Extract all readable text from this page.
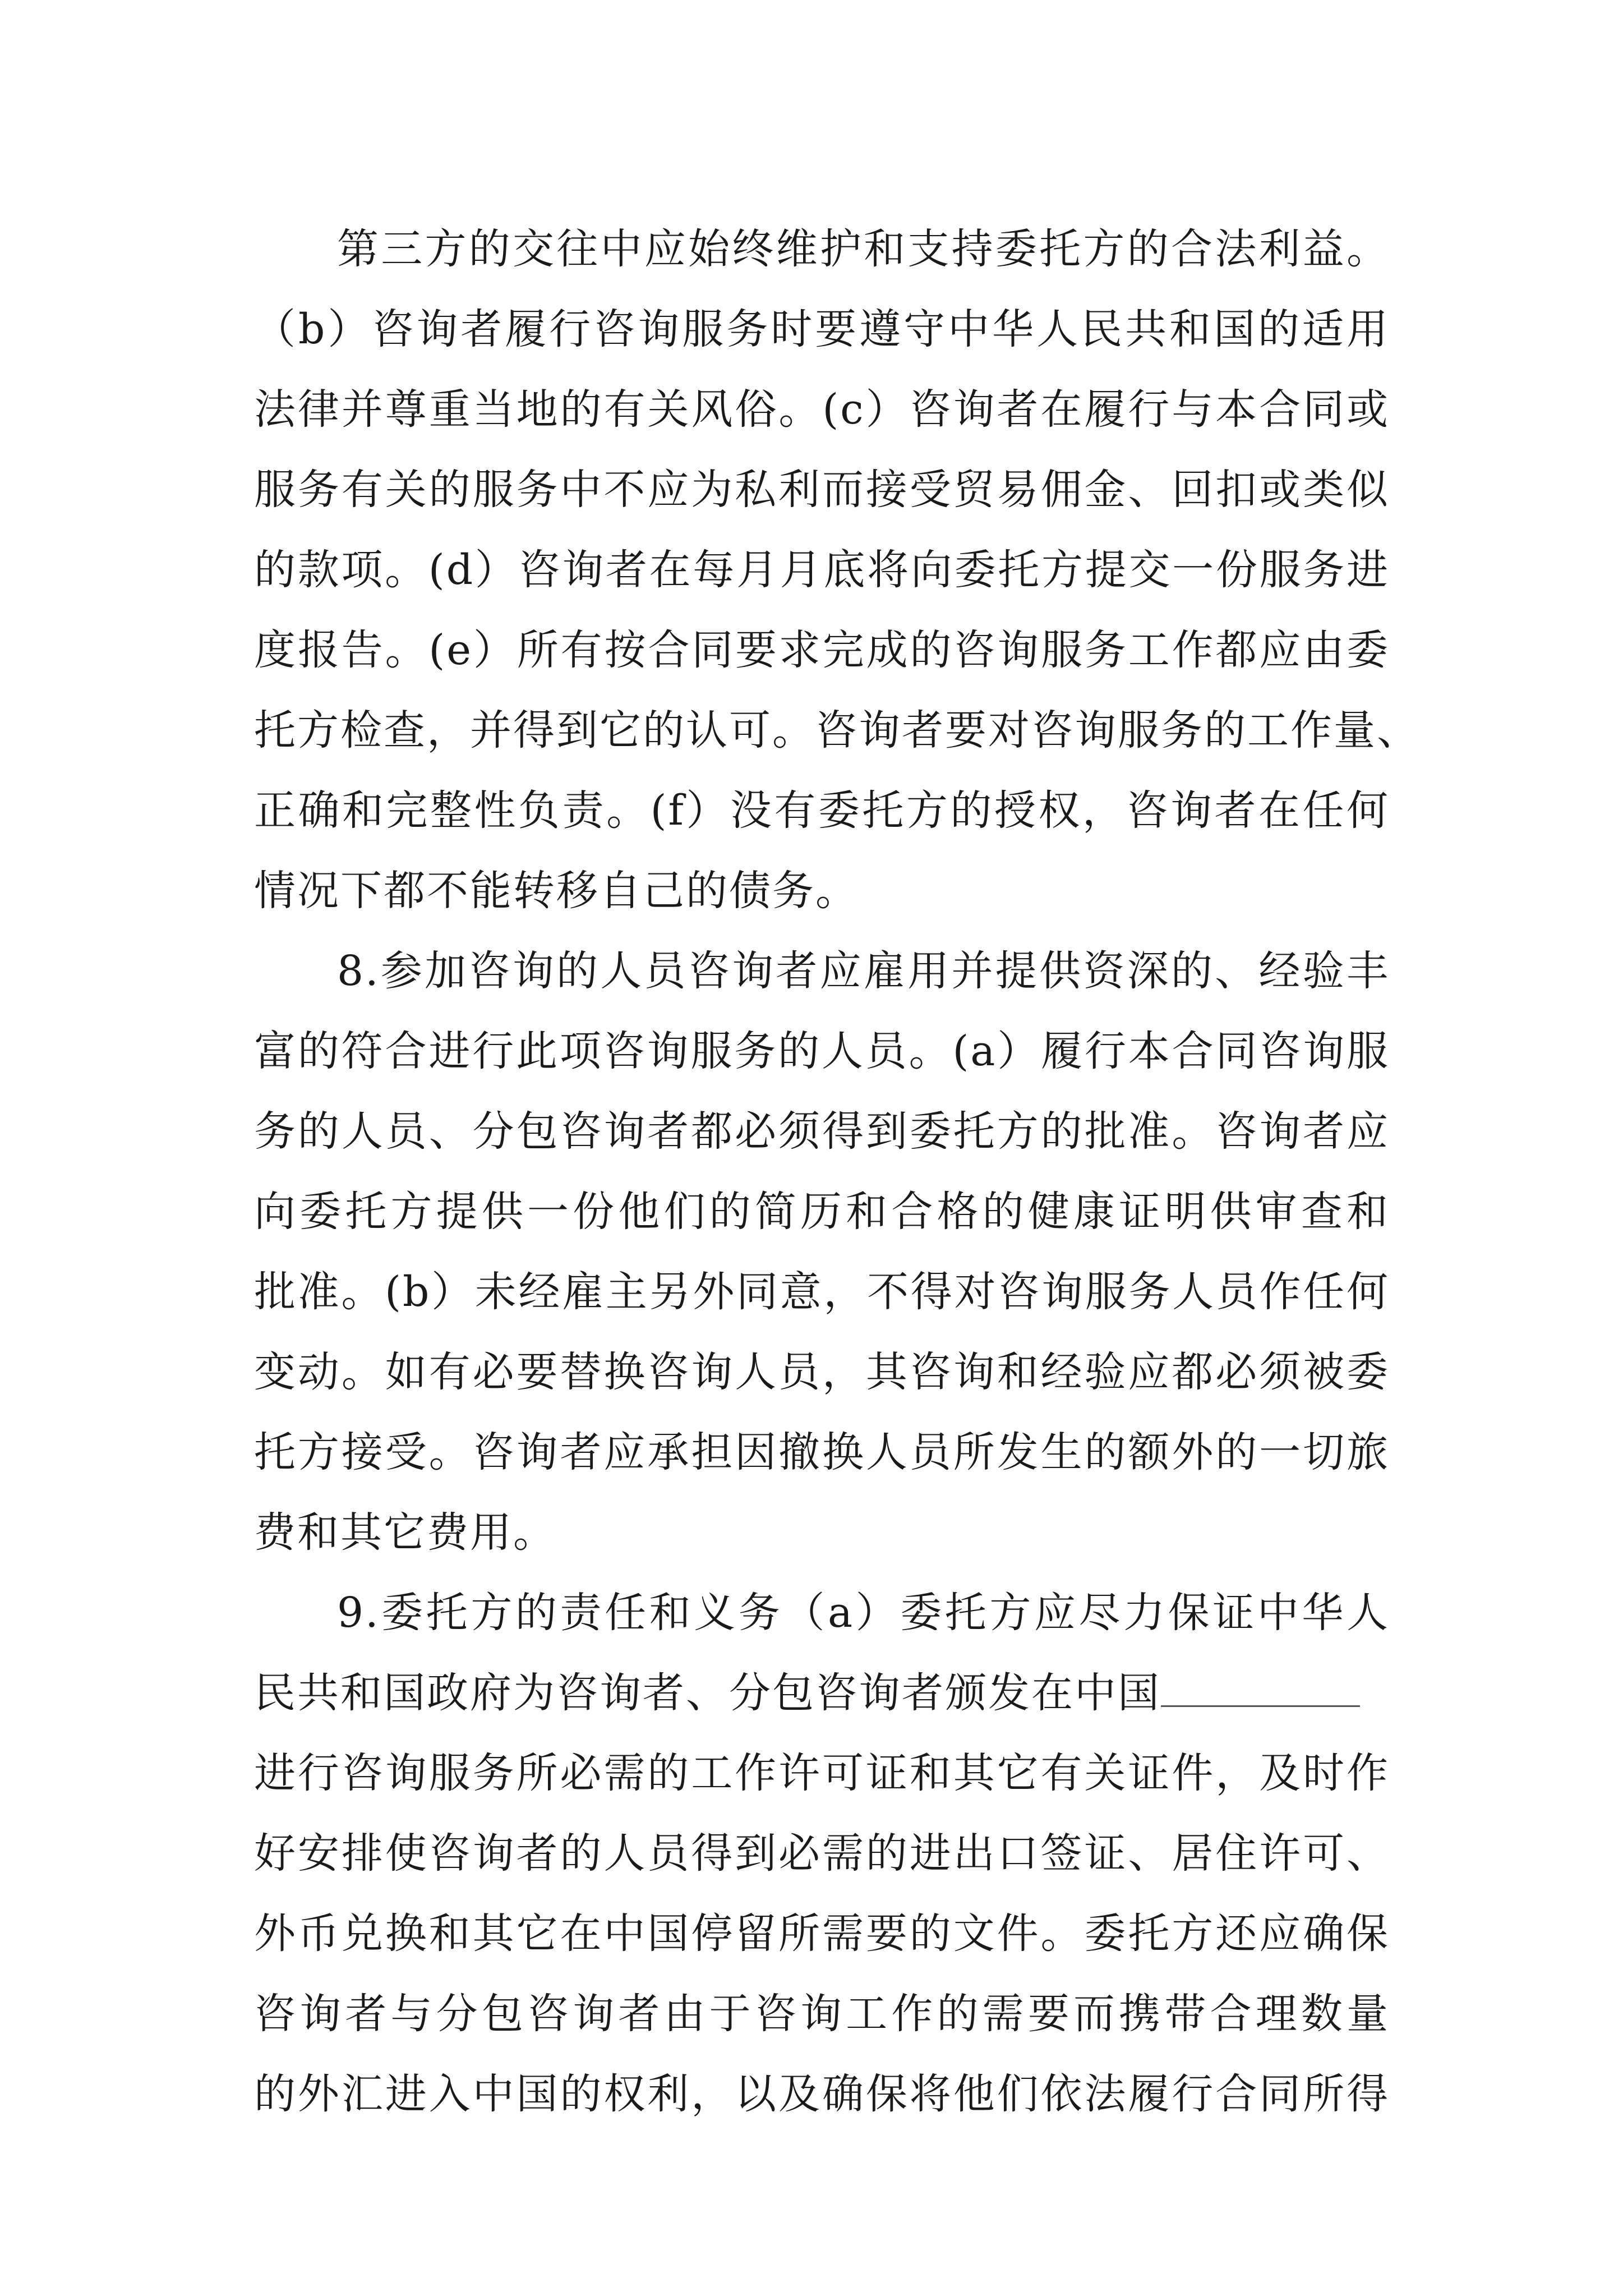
第三方的交往中应始终维护和支持委托方的合法利益。
（b）咨询者履行咨询服务时要遵守中华人民共和国的适用
法律并尊重当地的有关风俗。(c）咨询者在履行与本合同或
服务有关的服务中不应为私利而接受贸易佣金、回扣或类似
的款项。(d）咨询者在每月月底将向委托方提交一份服务进
度报告。(e）所有按合同要求完成的咨询服务工作都应由委
托方检查，并得到它的认可。咨询者要对咨询服务的工作量、
正确和完整性负责。(f）没有委托方的授权，咨询者在任何
情况下都不能转移自己的债务。
8.参加咨询的人员咨询者应雇用并提供资深的、经验丰
富的符合进行此项咨询服务的人员。(a）履行本合同咨询服
务的人员、分包咨询者都必须得到委托方的批准。咨询者应
向委托方提供一份他们的简历和合格的健康证明供审查和
批准。(b）未经雇主另外同意，不得对咨询服务人员作任何
变动。如有必要替换咨询人员，其咨询和经验应都必须被委
托方接受。咨询者应承担因撤换人员所发生的额外的一切旅
费和其它费用。
9.委托方的责任和义务（a）委托方应尽力保证中华人
民共和国政府为咨询者、分包咨询者颁发在中国
进行咨询服务所必需的工作许可证和其它有关证件，及时作
好安排使咨询者的人员得到必需的进出口签证、居住许可、
外币兑换和其它在中国停留所需要的文件。委托方还应确保
咨询者与分包咨询者由于咨询工作的需要而携带合理数量
的外汇进入中国的权利，以及确保将他们依法履行合同所得
